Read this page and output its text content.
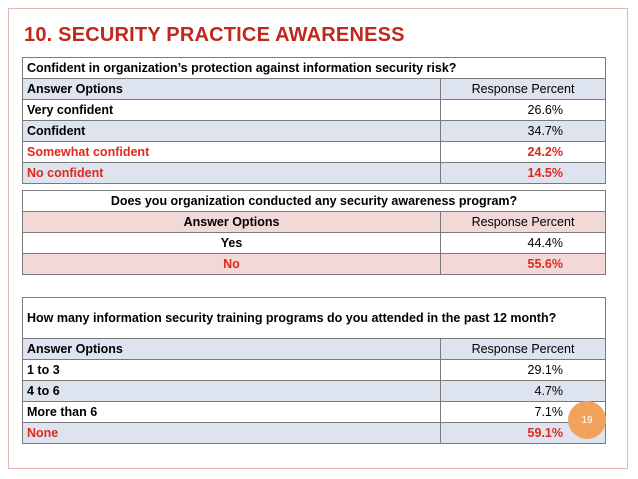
10. SECURITY PRACTICE AWARENESS
Confident in organization’s protection against information security risk?	
Answer Options	Response Percent
Very confident	26.6%
Confident	34.7%
Somewhat confident	24.2%
No confident	14.5%
Does you organization conducted any security awareness program?	
Answer Options	Response Percent
Yes	44.4%
No	55.6%
How many information security training programs do you attended in the past 12 month?	
Answer Options	Response Percent
1 to 3	29.1%
4 to 6	4.7%
More than 6	7.1%
None	59.1%
19
